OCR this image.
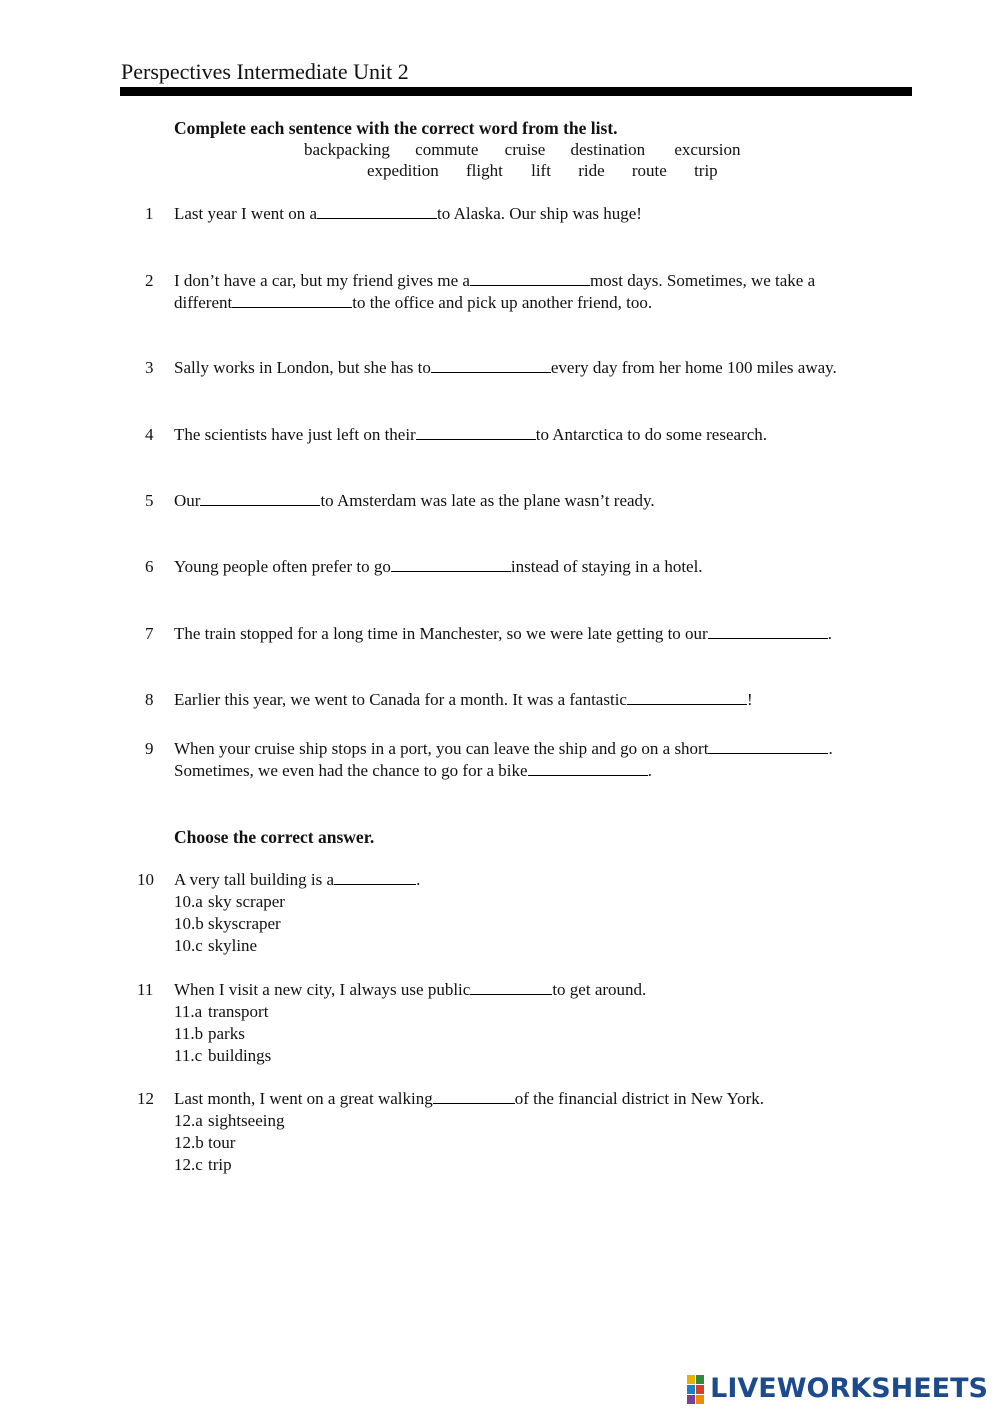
Perspectives Intermediate Unit 2
Complete each sentence with the correct word from the list.
backpacking commute cruise destination excursion
expedition flight lift ride route trip
1 Last year I went on a	to Alaska. Our ship was huge!
2 I don’t have a car, but my friend gives me a	most days. Sometimes, we take a
different	to the office and pick up another friend, too.
3 Sally works in London, but she has to	every day from her home 100 miles away.
4 The scientists have just left on their	to Antarctica to do some research.
5 Our	to Amsterdam was late as the plane wasn’t ready.
6 Young people often prefer to go	instead of staying in a hotel.
7 The train stopped for a long time in Manchester, so we were late getting to our	.
8 Earlier this year, we went to Canada for a month. It was a fantastic	!
9 When your cruise ship stops in a port, you can leave the ship and go on a short	.
Sometimes, we even had the chance to go for a bike	.
Choose the correct answer.
10 A very tall building is a	.
10.a sky scraper
10.b skyscraper
10.c skyline
11 When I visit a new city, I always use public	to get around.
11.a transport
11.b parks
11.c buildings
12 Last month, I went on a great walking	of the financial district in New York.
12.a sightseeing
12.b tour
12.c trip
LIVEWORKSHEETS
